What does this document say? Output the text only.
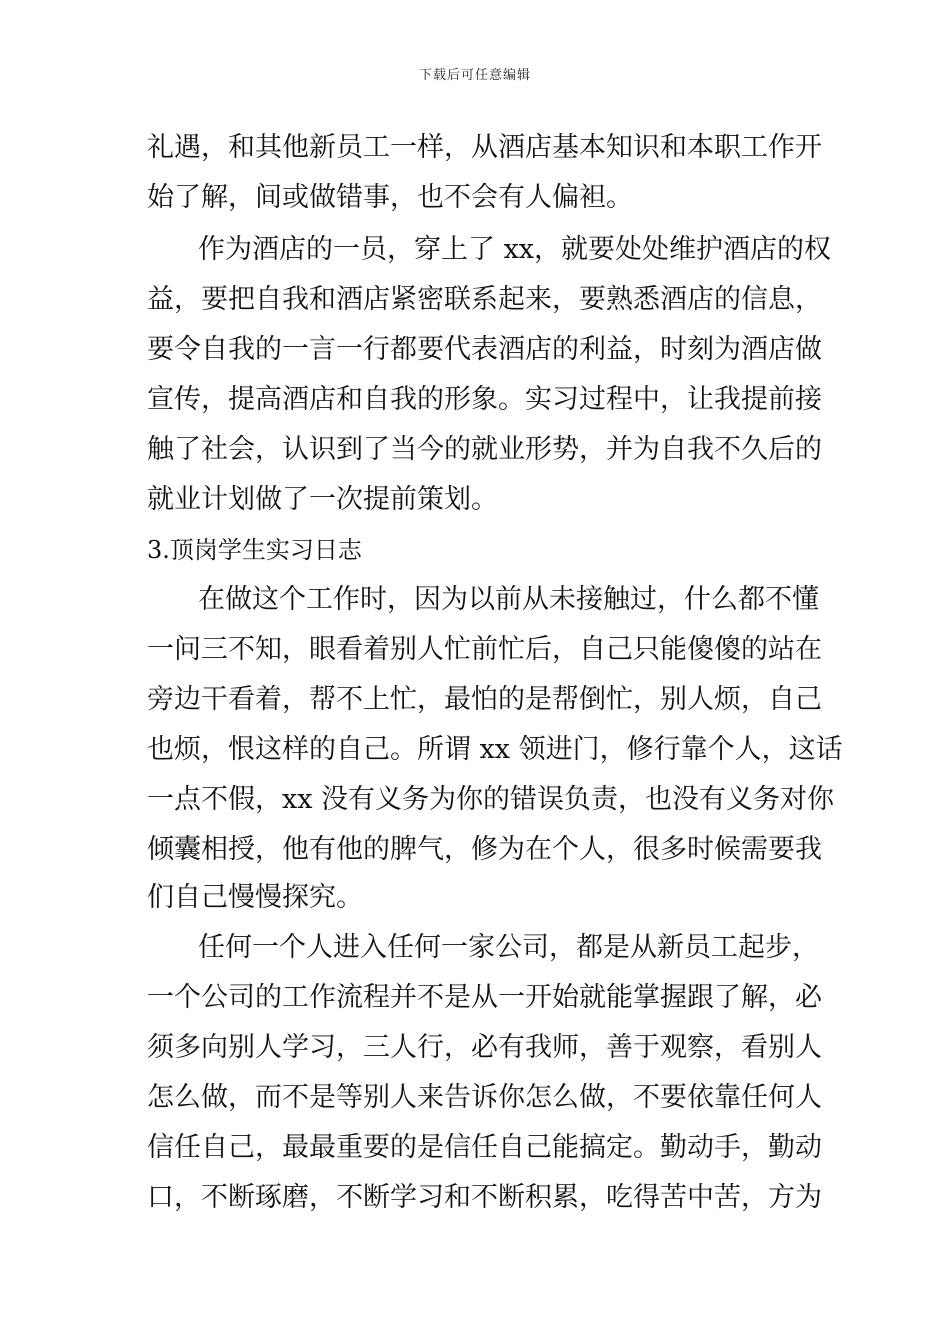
下载后可任意编辑
礼遇，和其他新员工一样，从酒店基本知识和本职工作开
始了解，间或做错事，也不会有人偏袒。
作为酒店的一员，穿上了 xx，就要处处维护酒店的权
益，要把自我和酒店紧密联系起来，要熟悉酒店的信息，
要令自我的一言一行都要代表酒店的利益，时刻为酒店做
宣传，提高酒店和自我的形象。实习过程中，让我提前接
触了社会，认识到了当今的就业形势，并为自我不久后的
就业计划做了一次提前策划。
3.顶岗学生实习日志
在做这个工作时，因为以前从未接触过，什么都不懂
一问三不知，眼看着别人忙前忙后，自己只能傻傻的站在
旁边干看着，帮不上忙，最怕的是帮倒忙，别人烦，自己
也烦，恨这样的自己。所谓 xx 领进门，修行靠个人，这话
一点不假，xx 没有义务为你的错误负责，也没有义务对你
倾囊相授，他有他的脾气，修为在个人，很多时候需要我
们自己慢慢探究。
任何一个人进入任何一家公司，都是从新员工起步，
一个公司的工作流程并不是从一开始就能掌握跟了解，必
须多向别人学习，三人行，必有我师，善于观察，看别人
怎么做，而不是等别人来告诉你怎么做，不要依靠任何人
信任自己，最最重要的是信任自己能搞定。勤动手，勤动
口，不断琢磨，不断学习和不断积累，吃得苦中苦，方为
